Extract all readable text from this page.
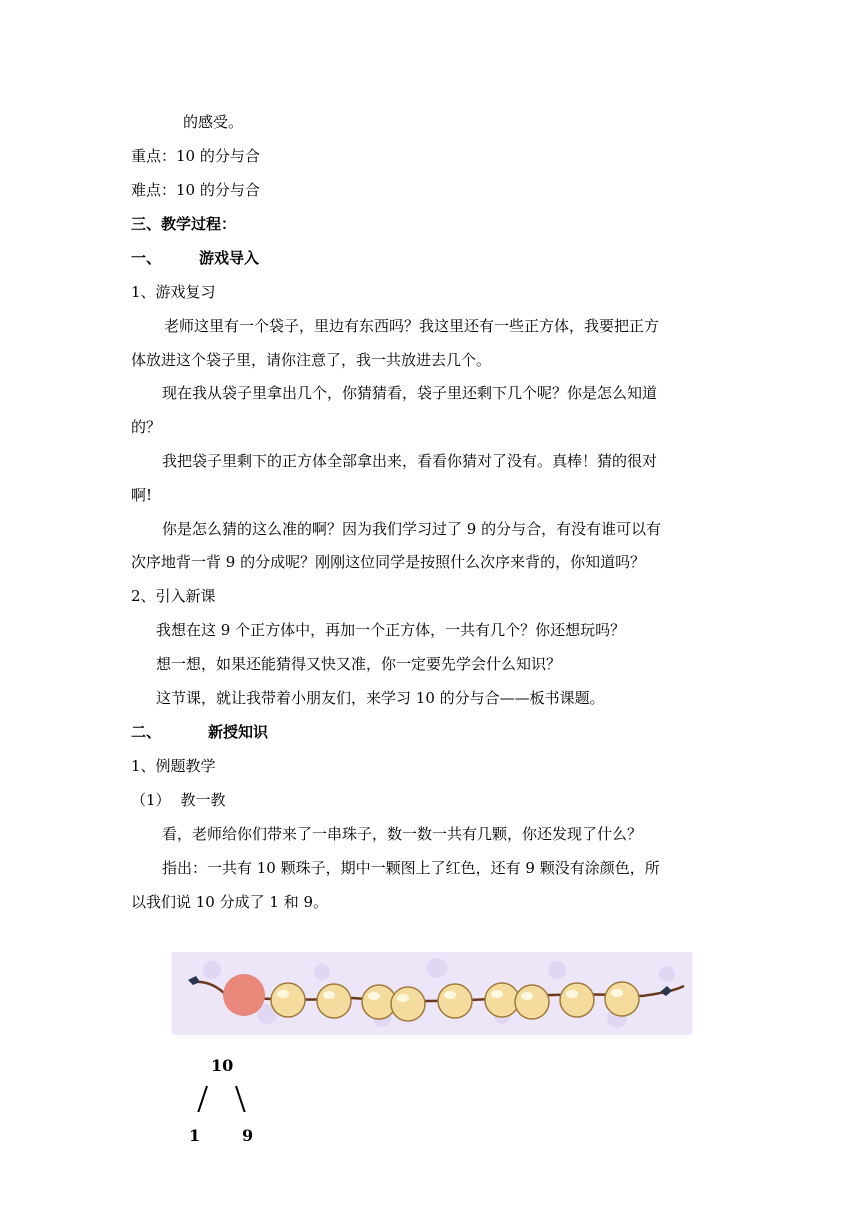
的感受。
重点：10 的分与合
难点：10 的分与合
三、教学过程：
一、	游戏导入
1、游戏复习
老师这里有一个袋子，里边有东西吗？我这里还有一些正方体，我要把正方
体放进这个袋子里，请你注意了，我一共放进去几个。
现在我从袋子里拿出几个，你猜猜看，袋子里还剩下几个呢？你是怎么知道
的？
我把袋子里剩下的正方体全部拿出来，看看你猜对了没有。真棒！猜的很对
啊!
你是怎么猜的这么准的啊？因为我们学习过了 9 的分与合，有没有谁可以有
次序地背一背 9 的分成呢？刚刚这位同学是按照什么次序来背的，你知道吗？
2、引入新课
我想在这 9 个正方体中，再加一个正方体，一共有几个？你还想玩吗？
想一想，如果还能猜得又快又准，你一定要先学会什么知识？
这节课，就让我带着小朋友们，来学习 10 的分与合——板书课题。
二、	新授知识
1、例题教学
（1） 教一教
看，老师给你们带来了一串珠子，数一数一共有几颗，你还发现了什么？
指出：一共有 10 颗珠子，期中一颗图上了红色，还有 9 颗没有涂颜色，所
以我们说 10 分成了 1 和 9。
10
1	9
